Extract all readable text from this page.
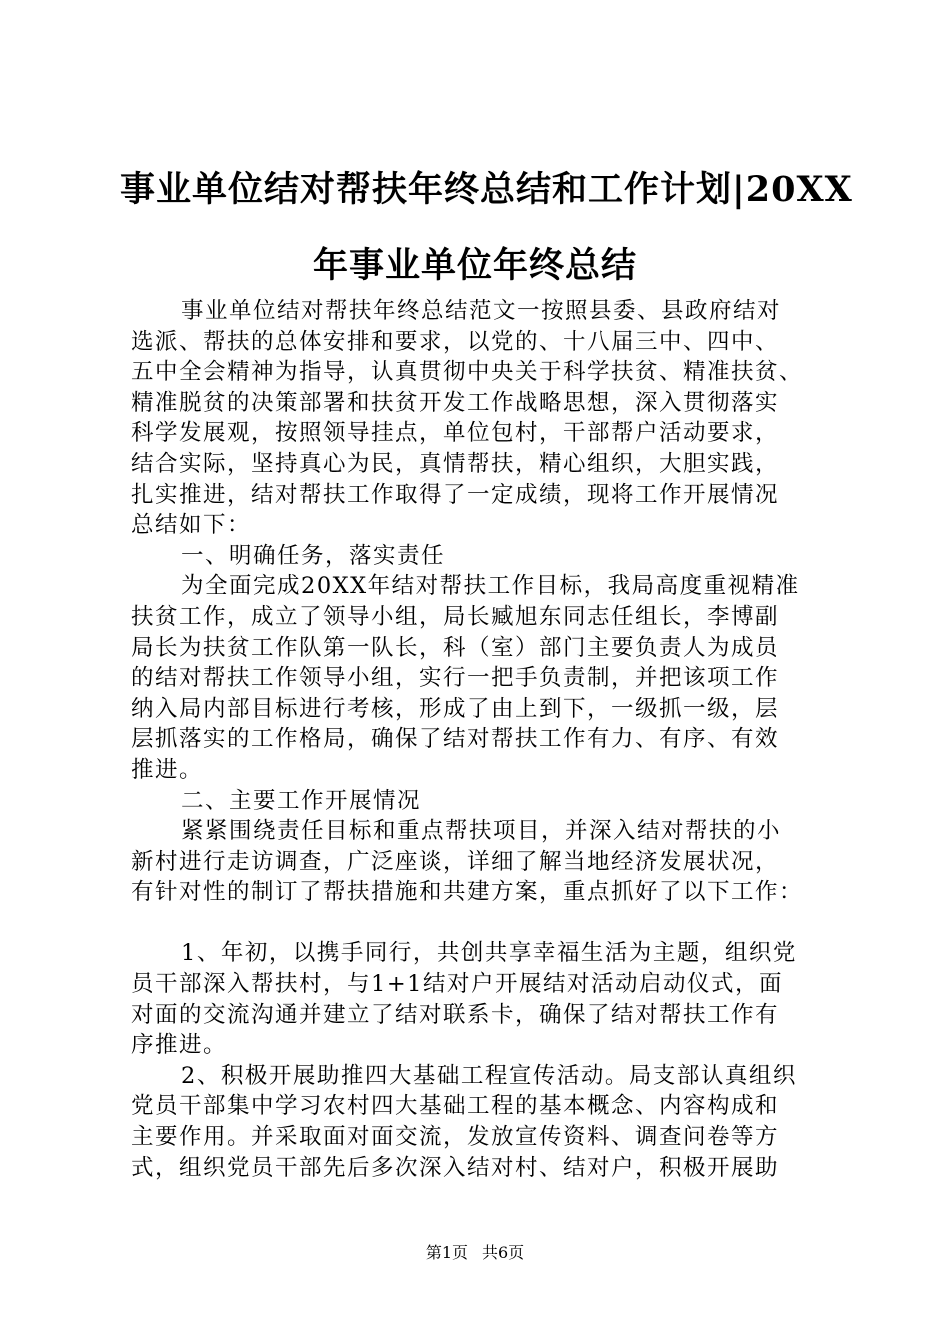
事业单位结对帮扶年终总结和工作计划|20XX
年事业单位年终总结
事业单位结对帮扶年终总结范文一按照县委、县政府结对
选派、帮扶的总体安排和要求，以党的、十八届三中、四中、
五中全会精神为指导，认真贯彻中央关于科学扶贫、精准扶贫、
精准脱贫的决策部署和扶贫开发工作战略思想，深入贯彻落实
科学发展观，按照领导挂点，单位包村，干部帮户活动要求，
结合实际，坚持真心为民，真情帮扶，精心组织，大胆实践，
扎实推进，结对帮扶工作取得了一定成绩，现将工作开展情况
总结如下：
一、明确任务，落实责任
为全面完成20XX年结对帮扶工作目标，我局高度重视精准
扶贫工作，成立了领导小组，局长臧旭东同志任组长，李博副
局长为扶贫工作队第一队长，科（室）部门主要负责人为成员
的结对帮扶工作领导小组，实行一把手负责制，并把该项工作
纳入局内部目标进行考核，形成了由上到下，一级抓一级，层
层抓落实的工作格局，确保了结对帮扶工作有力、有序、有效
推进。
二、主要工作开展情况
紧紧围绕责任目标和重点帮扶项目，并深入结对帮扶的小
新村进行走访调查，广泛座谈，详细了解当地经济发展状况，
有针对性的制订了帮扶措施和共建方案，重点抓好了以下工作：
1、年初，以携手同行，共创共享幸福生活为主题，组织党
员干部深入帮扶村，与1+1结对户开展结对活动启动仪式，面
对面的交流沟通并建立了结对联系卡，确保了结对帮扶工作有
序推进。
2、积极开展助推四大基础工程宣传活动。局支部认真组织
党员干部集中学习农村四大基础工程的基本概念、内容构成和
主要作用。并采取面对面交流，发放宣传资料、调查问卷等方
式，组织党员干部先后多次深入结对村、结对户，积极开展助
第1页 共6页
